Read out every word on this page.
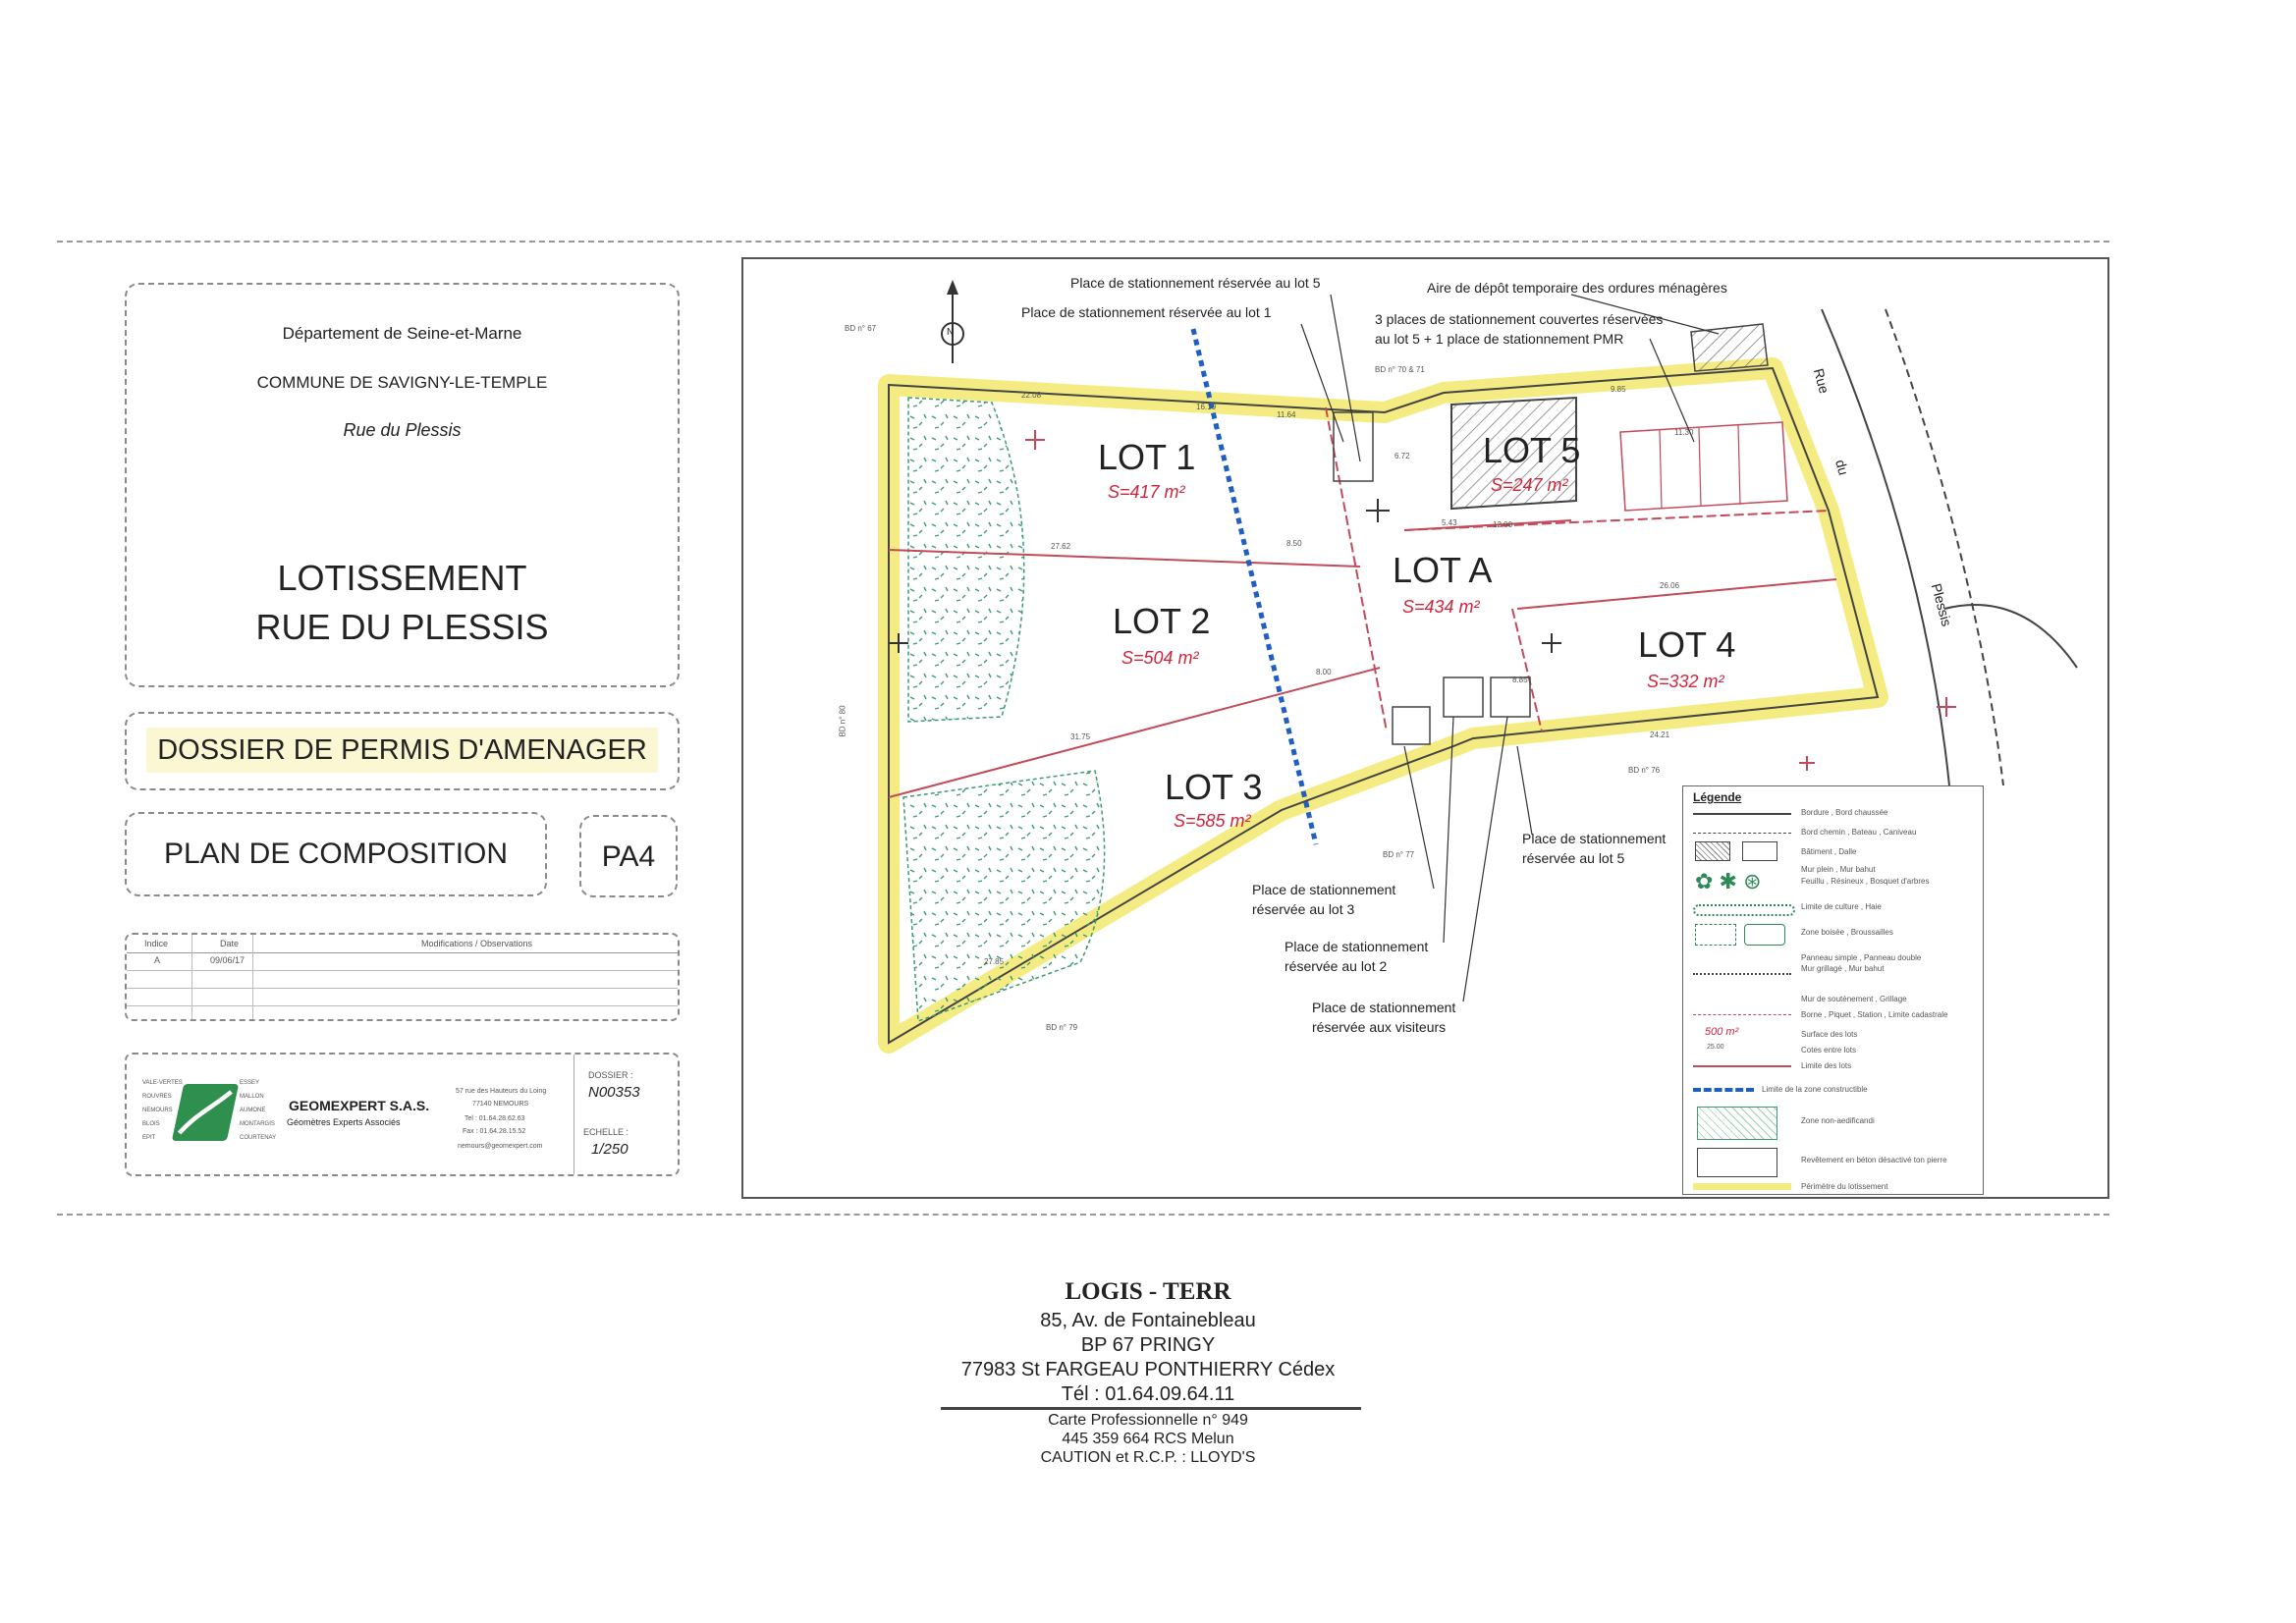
Département de Seine-et-Marne
COMMUNE DE SAVIGNY-LE-TEMPLE
Rue du Plessis
LOTISSEMENT
RUE DU PLESSIS
DOSSIER DE PERMIS D'AMENAGER
PLAN DE COMPOSITION	PA4
Indice	Date	Modifications / Observations
A	09/06/17
VALE-VERTES
ROUVRES
NEMOURS
BLOIS
EPIT
ESSEY
MALLON
AUMONE
MONTARGIS
COURTENAY
GEOMEXPERT S.A.S.
Géomètres Experts Associés
57 rue des Hauteurs du Loing
77140 NEMOURS
Tel : 01.64.28.62.63
Fax : 01.64.28.15.52
nemours@geomexpert.com
DOSSIER :
N00353
ECHELLE :
1/250
LOT 1
S=417 m²
LOT 2
S=504 m²
LOT 3
S=585 m²
LOT 4
S=332 m²
LOT 5
S=247 m²
LOT A
S=434 m²
Place de stationnement réservée au lot 5
Place de stationnement réservée au lot 1
Aire de dépôt temporaire des ordures ménagères
3 places de stationnement couvertes réservées
au lot 5 + 1 place de stationnement PMR
Place de stationnement
réservée au lot 5
Place de stationnement
réservée au lot 3
Place de stationnement
réservée au lot 2
Place de stationnement
réservée aux visiteurs
Rue
du
Plessis
N
22.08
16.10
11.64
27.62	8.50
31.75
8.00
27.85
9.85
11.30
12.00
26.06
24.21
6.72
5.43
8.85
BD n° 67
BD n° 70 & 71
BD n° 80
BD n° 77
BD n° 76
BD n° 79
Légende
Bordure , Bord chaussée
Bord chemin , Bateau , Caniveau
Bâtiment , Dalle
Mur plein , Mur bahut
Feuillu , Résineux , Bosquet d'arbres
Limite de culture , Haie
Zone boisée , Broussailles
Panneau simple , Panneau double
Mur grillagé , Mur bahut
Mur de soutènement , Grillage
Borne , Piquet , Station , Limite cadastrale
Surface des lots
Cotes entre lots
Limite des lots
Limite de la zone constructible
Zone non-aedificandi
Revêtement en béton désactivé ton pierre
Périmètre du lotissement
✿ ✱ ⊛
500 m²
25.00
LOGIS - TERR
85, Av. de Fontainebleau
BP 67 PRINGY
77983 St FARGEAU PONTHIERRY Cédex
Tél : 01.64.09.64.11
Carte Professionnelle n° 949
445 359 664 RCS Melun
CAUTION et R.C.P. : LLOYD'S
